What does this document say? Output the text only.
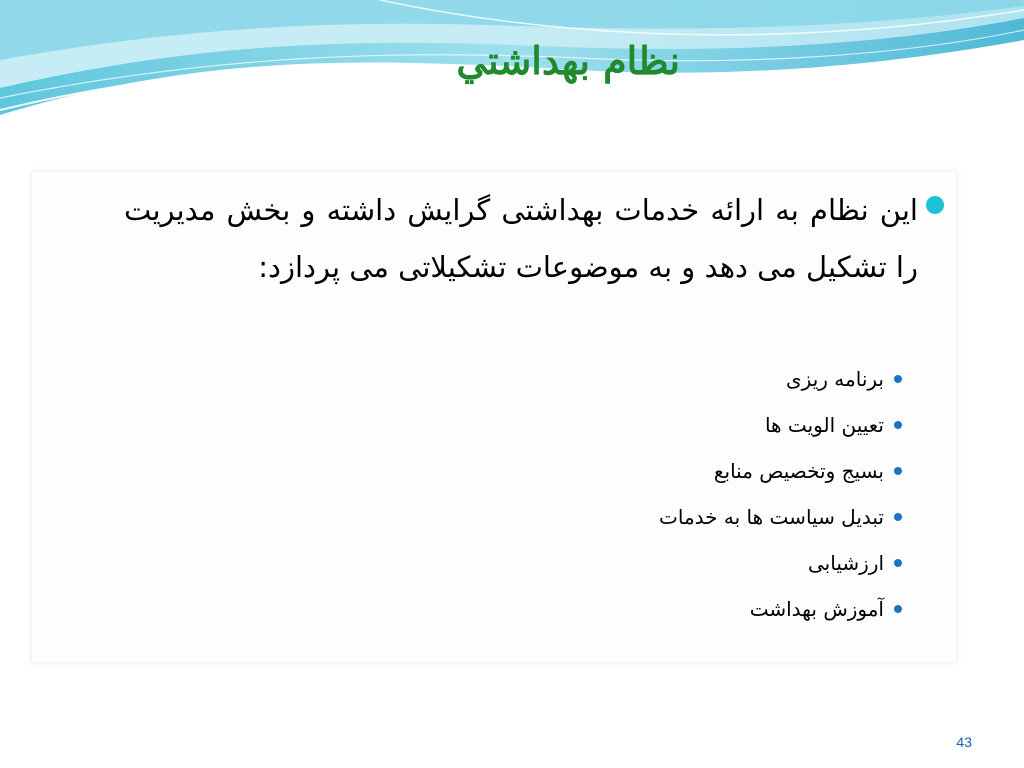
نظام بهداشتي
این نظام به ارائه خدمات بهداشتی گرایش داشته و بخش مدیریت را تشکیل می دهد و به موضوعات تشکیلاتی می پردازد:
برنامه ریزی
تعیین الویت ها
بسیج وتخصیص منابع
تبدیل سیاست ها به خدمات
ارزشیابی
آموزش بهداشت
43
